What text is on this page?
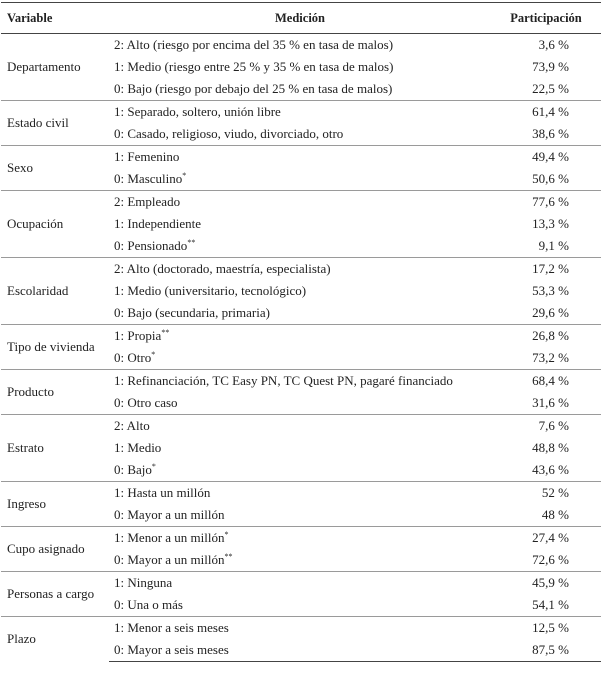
Variable	Medición	Participación
Departamento	2: Alto (riesgo por encima del 35 % en tasa de malos)	3,6 %
	1: Medio (riesgo entre 25 % y 35 % en tasa de malos)	73,9 %
	0: Bajo (riesgo por debajo del 25 % en tasa de malos)	22,5 %
Estado civil	1: Separado, soltero, unión libre	61,4 %
	0: Casado, religioso, viudo, divorciado, otro	38,6 %
Sexo	1: Femenino	49,4 %
	0: Masculino*	50,6 %
Ocupación	2: Empleado	77,6 %
	1: Independiente	13,3 %
	0: Pensionado**	9,1 %
Escolaridad	2: Alto (doctorado, maestría, especialista)	17,2 %
	1: Medio (universitario, tecnológico)	53,3 %
	0: Bajo (secundaria, primaria)	29,6 %
Tipo de vivienda	1: Propia**	26,8 %
	0: Otro*	73,2 %
Producto	1: Refinanciación, TC Easy PN, TC Quest PN, pagaré financiado	68,4 %
	0: Otro caso	31,6 %
Estrato	2: Alto	7,6 %
	1: Medio	48,8 %
	0: Bajo*	43,6 %
Ingreso	1: Hasta un millón	52 %
	0: Mayor a un millón	48 %
Cupo asignado	1: Menor a un millón*	27,4 %
	0: Mayor a un millón**	72,6 %
Personas a cargo	1: Ninguna	45,9 %
	0: Una o más	54,1 %
Plazo	1: Menor a seis meses	12,5 %
	0: Mayor a seis meses	87,5 %
